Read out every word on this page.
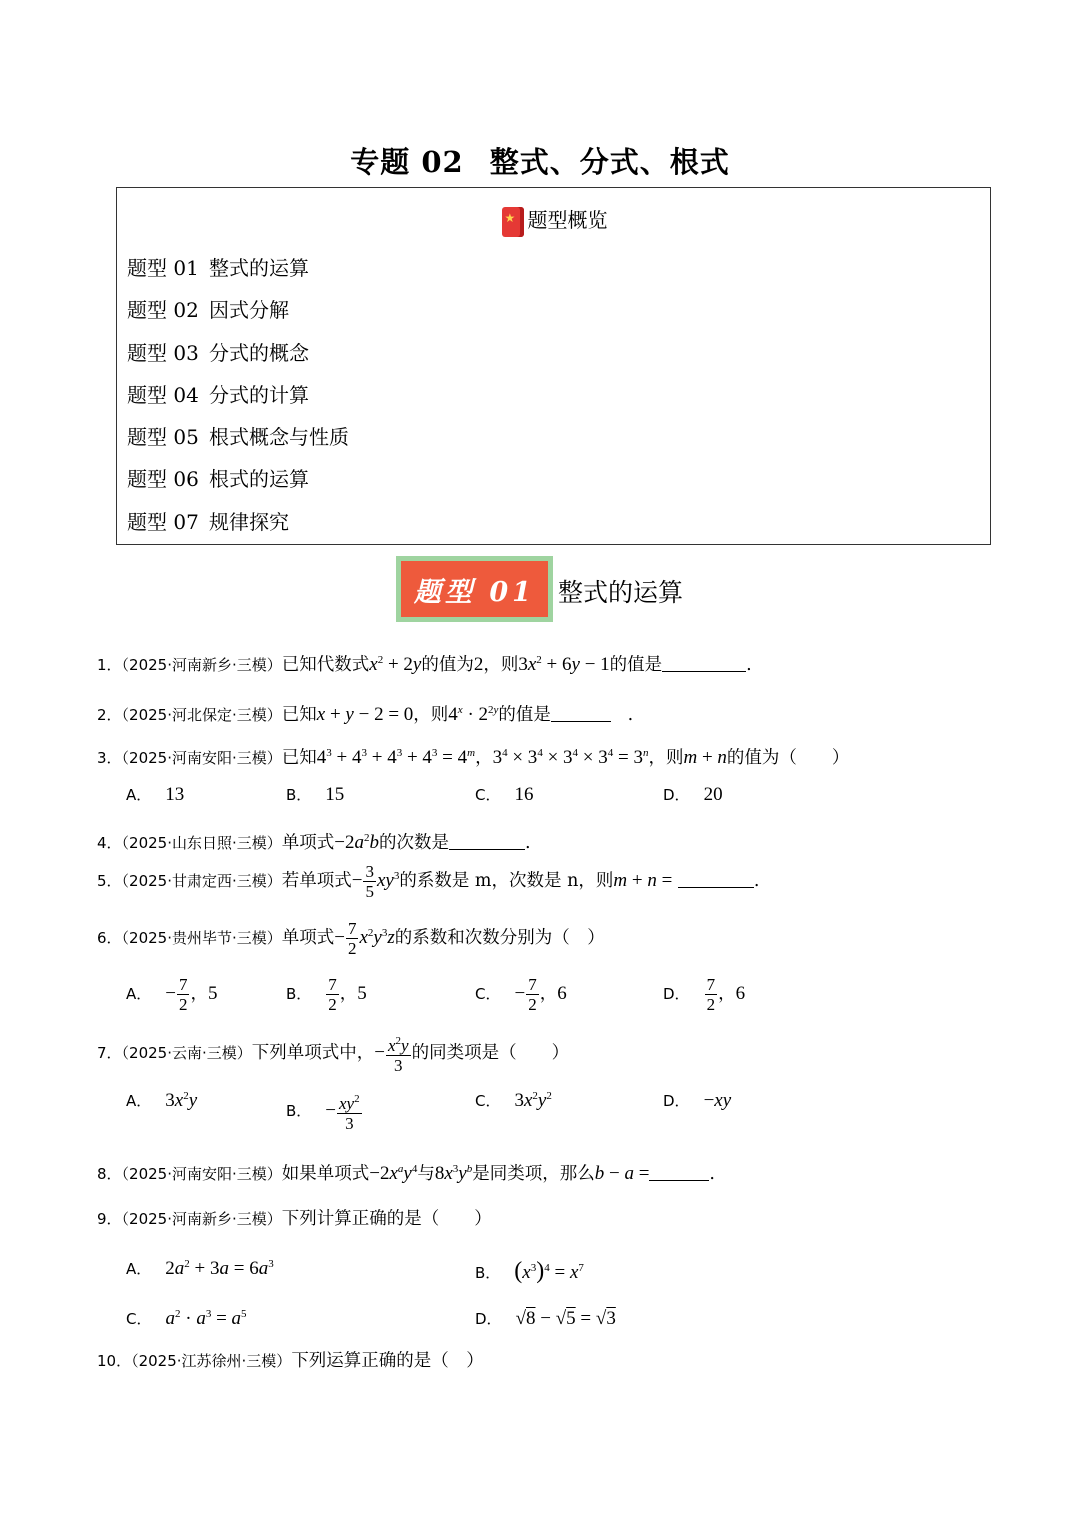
专题 02 整式、分式、根式
★ 题型概览
题型 01 整式的运算
题型 02 因式分解
题型 03 分式的概念
题型 04 分式的计算
题型 05 根式概念与性质
题型 06 根式的运算
题型 07 规律探究
题型 01 整式的运算
1．（2025·河南新乡·三模）已知代数式$x^2 + 2y$的值为2，则$3x^2 + 6y - 1$的值是	.
2．（2025·河北保定·三模）已知x + y − 2 = 0，则$4^x \cdot 2^{2y}$的值是	.
3．（2025·河南安阳·三模）已知$4^3 + 4^3 + 4^3 + 4^3 = 4^m$，$3^4 \times 3^4 \times 3^4 \times 3^4 = 3^n$，则m + n的值为（　　）
A． 13	B． 15	C． 16	D． 20
4．（2025·山东日照·三模）单项式$-2a^2b$的次数是	.
5．（2025·甘肃定西·三模）若单项式− $\frac{3}{5} xy^3$的系数是 m，次数是 n，则m + n =	.
6．（2025·贵州毕节·三模）单项式− $\frac{7}{2} x^2y^3z$的系数和次数分别为（　）
A． − $\frac{7}{2}$ ，5	B． $\frac{7}{2}$ ，5	C． − $\frac{7}{2}$ ，6	D． $\frac{7}{2}$ ，6
7．（2025·云南·三模）下列单项式中，− $\frac{x^2y}{3}$ 的同类项是（　　）
A． $3x^2y$	B． − $\frac{xy^2}{3}$	C． $3x^2y^2$	D． −xy
8．（2025·河南安阳·三模）如果单项式$-2x^ay^4$与$8x^3y^b$是同类项，那么b − a =	.
9．（2025·河南新乡·三模）下列计算正确的是（　　）
A． $2a^2 + 3a = 6a^3$	B． $(x^3)^4 = x^7$
C． $a^2 \cdot a^3 = a^5$	D． √8 − √5 = √3
10．（2025·江苏徐州·三模）下列运算正确的是（　）
